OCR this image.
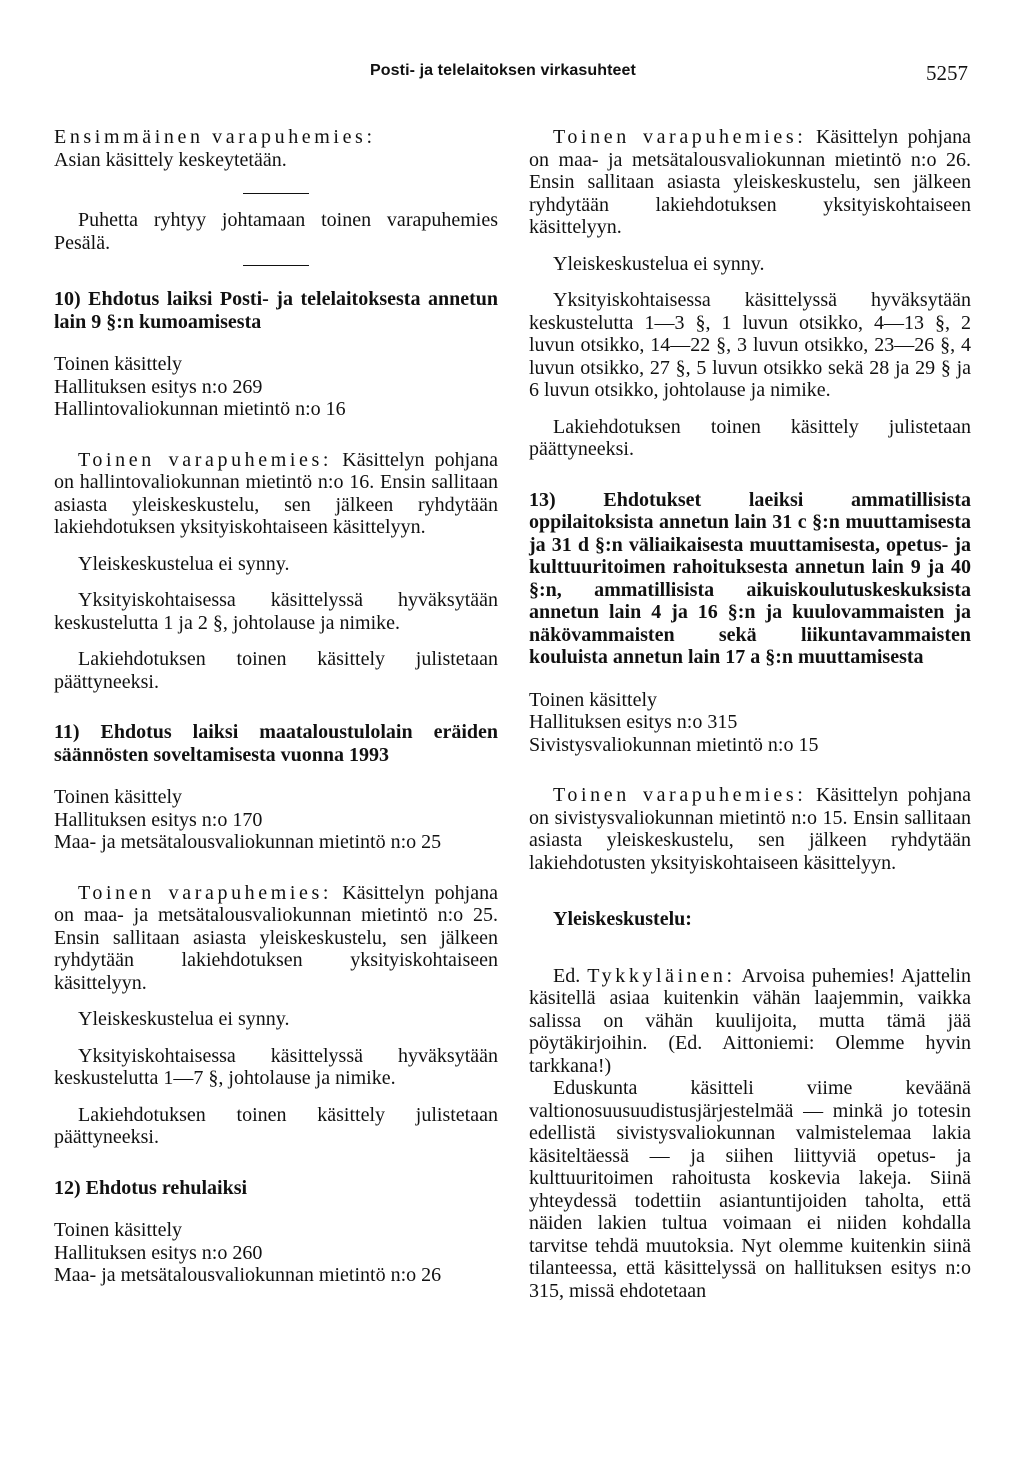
Posti- ja telelaitoksen virkasuhteet	5257

Ensimmäinen varapuhemies:
Asian käsittely keskeytetään.

Puhetta ryhtyy johtamaan toinen varapuhemies Pesälä.

10) Ehdotus laiksi Posti- ja telelaitoksesta annetun lain 9 §:n kumoamisesta

Toinen käsittely

Hallituksen esitys n:o 269

Hallintovaliokunnan mietintö n:o 16

Toinen varapuhemies: Käsittelyn pohjana on hallintovaliokunnan mietintö n:o 16. Ensin sallitaan asiasta yleiskeskustelu, sen jälkeen ryhdytään lakiehdotuksen yksityiskohtaiseen käsittelyyn.

Yleiskeskustelua ei synny.

Yksityiskohtaisessa käsittelyssä hyväksytään keskustelutta 1 ja 2 §, johtolause ja nimike.

Lakiehdotuksen toinen käsittely julistetaan päättyneeksi.

11) Ehdotus laiksi maataloustulolain eräiden säännösten soveltamisesta vuonna 1993

Toinen käsittely

Hallituksen esitys n:o 170

Maa- ja metsätalousvaliokunnan mietintö n:o 25

Toinen varapuhemies: Käsittelyn pohjana on maa- ja metsätalousvaliokunnan mietintö n:o 25. Ensin sallitaan asiasta yleiskeskustelu, sen jälkeen ryhdytään lakiehdotuksen yksityiskohtaiseen käsittelyyn.

Yleiskeskustelua ei synny.

Yksityiskohtaisessa käsittelyssä hyväksytään keskustelutta 1—7 §, johtolause ja nimike.

Lakiehdotuksen toinen käsittely julistetaan päättyneeksi.

12) Ehdotus rehulaiksi

Toinen käsittely

Hallituksen esitys n:o 260

Maa- ja metsätalousvaliokunnan mietintö n:o 26

Toinen varapuhemies: Käsittelyn pohjana on maa- ja metsätalousvaliokunnan mietintö n:o 26. Ensin sallitaan asiasta yleiskeskustelu, sen jälkeen ryhdytään lakiehdotuksen yksityiskohtaiseen käsittelyyn.

Yleiskeskustelua ei synny.

Yksityiskohtaisessa käsittelyssä hyväksytään keskustelutta 1—3 §, 1 luvun otsikko, 4—13 §, 2 luvun otsikko, 14—22 §, 3 luvun otsikko, 23—26 §, 4 luvun otsikko, 27 §, 5 luvun otsikko sekä 28 ja 29 § ja 6 luvun otsikko, johtolause ja nimike.

Lakiehdotuksen toinen käsittely julistetaan päättyneeksi.

13) Ehdotukset laeiksi ammatillisista oppilaitoksista annetun lain 31 c §:n muuttamisesta ja 31 d §:n väliaikaisesta muuttamisesta, opetus- ja kulttuuritoimen rahoituksesta annetun lain 9 ja 40 §:n, ammatillisista aikuiskoulutuskeskuksista annetun lain 4 ja 16 §:n ja kuulovammaisten ja näkövammaisten sekä liikuntavammaisten kouluista annetun lain 17 a §:n muuttamisesta

Toinen käsittely

Hallituksen esitys n:o 315

Sivistysvaliokunnan mietintö n:o 15

Toinen varapuhemies: Käsittelyn pohjana on sivistysvaliokunnan mietintö n:o 15. Ensin sallitaan asiasta yleiskeskustelu, sen jälkeen ryhdytään lakiehdotusten yksityiskohtaiseen käsittelyyn.

Yleiskeskustelu:

Ed. Tykkyläinen: Arvoisa puhemies! Ajattelin käsitellä asiaa kuitenkin vähän laajemmin, vaikka salissa on vähän kuulijoita, mutta tämä jää pöytäkirjoihin. (Ed. Aittoniemi: Olemme hyvin tarkkana!)

Eduskunta käsitteli viime keväänä valtionosuusuudistusjärjestelmää — minkä jo totesin edellistä sivistysvaliokunnan valmistelemaa lakia käsiteltäessä — ja siihen liittyviä opetus- ja kulttuuritoimen rahoitusta koskevia lakeja. Siinä yhteydessä todettiin asiantuntijoiden taholta, että näiden lakien tultua voimaan ei niiden kohdalla tarvitse tehdä muutoksia. Nyt olemme kuitenkin siinä tilanteessa, että käsittelyssä on hallituksen esitys n:o 315, missä ehdotetaan
